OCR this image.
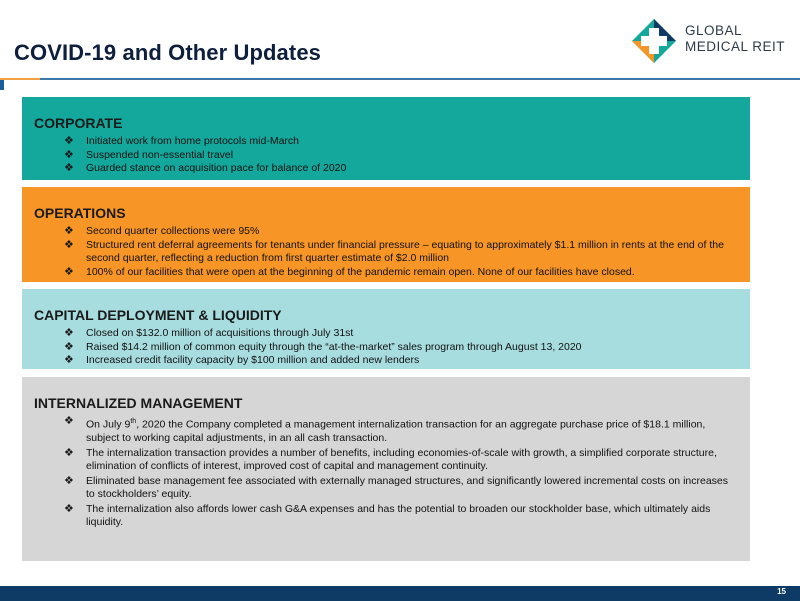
COVID-19 and Other Updates
GLOBAL
MEDICAL REIT
CORPORATE
❖ Initiated work from home protocols mid-March
❖ Suspended non-essential travel
❖ Guarded stance on acquisition pace for balance of 2020
OPERATIONS
❖ Second quarter collections were 95%
❖ Structured rent deferral agreements for tenants under financial pressure – equating to approximately $1.1 million in rents at the end of the second quarter, reflecting a reduction from first quarter estimate of $2.0 million
❖ 100% of our facilities that were open at the beginning of the pandemic remain open. None of our facilities have closed.
CAPITAL DEPLOYMENT & LIQUIDITY
❖ Closed on $132.0 million of acquisitions through July 31st
❖ Raised $14.2 million of common equity through the “at-the-market” sales program through August 13, 2020
❖ Increased credit facility capacity by $100 million and added new lenders
INTERNALIZED MANAGEMENT
❖ On July 9th, 2020 the Company completed a management internalization transaction for an aggregate purchase price of $18.1 million, subject to working capital adjustments, in an all cash transaction.
❖ The internalization transaction provides a number of benefits, including economies-of-scale with growth, a simplified corporate structure, elimination of conflicts of interest, improved cost of capital and management continuity.
❖ Eliminated base management fee associated with externally managed structures, and significantly lowered incremental costs on increases to stockholders’ equity.
❖ The internalization also affords lower cash G&A expenses and has the potential to broaden our stockholder base, which ultimately aids liquidity.
15
